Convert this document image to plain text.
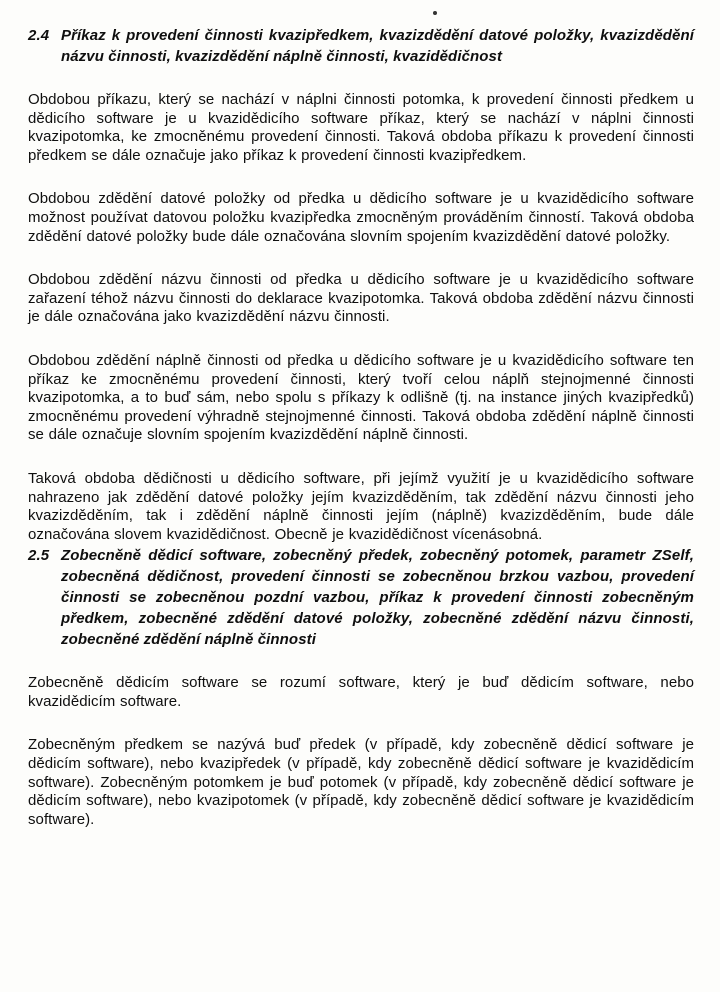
2.4 Příkaz k provedení činnosti kvazipředkem, kvazizdědění datové položky, kvazizdědění názvu činnosti, kvazizdědění náplně činnosti, kvazidědičnost

Obdobou příkazu, který se nachází v náplni činnosti potomka, k provedení činnosti předkem u dědicího software je u kvazidědicího software příkaz, který se nachází v náplni činnosti kvazipotomka, ke zmocněnému provedení činnosti. Taková obdoba příkazu k provedení činnosti předkem se dále označuje jako příkaz k provedení činnosti kvazipředkem.

Obdobou zdědění datové položky od předka u dědicího software je u kvazidědicího software možnost používat datovou položku kvazipředka zmocněným prováděním činností. Taková obdoba zdědění datové položky bude dále označována slovním spojením kvazizdědění datové položky.

Obdobou zdědění názvu činnosti od předka u dědicího software je u kvazidědicího software zařazení téhož názvu činnosti do deklarace kvazipotomka. Taková obdoba zdědění názvu činnosti je dále označována jako kvazizdědění názvu činnosti.

Obdobou zdědění náplně činnosti od předka u dědicího software je u kvazidědicího software ten příkaz ke zmocněnému provedení činnosti, který tvoří celou náplň stejnojmenné činnosti kvazipotomka, a to buď sám, nebo spolu s příkazy k odlišně (tj. na instance jiných kvazipředků) zmocněnému provedení výhradně stejnojmenné činnosti. Taková obdoba zdědění náplně činnosti se dále označuje slovním spojením kvazizdědění náplně činnosti.

Taková obdoba dědičnosti u dědicího software, při jejímž využití je u kvazidědicího software nahrazeno jak zdědění datové položky jejím kvazizděděním, tak zdědění názvu činnosti jeho kvazizděděním, tak i zdědění náplně činnosti jejím (náplně) kvazizděděním, bude dále označována slovem kvazidědičnost. Obecně je kvazidědičnost vícenásobná.

2.5 Zobecněně dědicí software, zobecněný předek, zobecněný potomek, parametr ZSelf, zobecněná dědičnost, provedení činnosti se zobecněnou brzkou vazbou, provedení činnosti se zobecněnou pozdní vazbou, příkaz k provedení činnosti zobecněným předkem, zobecněné zdědění datové položky, zobecněné zdědění názvu činnosti, zobecněné zdědění náplně činnosti

Zobecněně dědicím software se rozumí software, který je buď dědicím software, nebo kvazidědicím software.

Zobecněným předkem se nazývá buď předek (v případě, kdy zobecněně dědicí software je dědicím software), nebo kvazipředek (v případě, kdy zobecněně dědicí software je kvazidědicím software). Zobecněným potomkem je buď potomek (v případě, kdy zobecněně dědicí software je dědicím software), nebo kvazipotomek (v případě, kdy zobecněně dědicí software je kvazidědicím software).
